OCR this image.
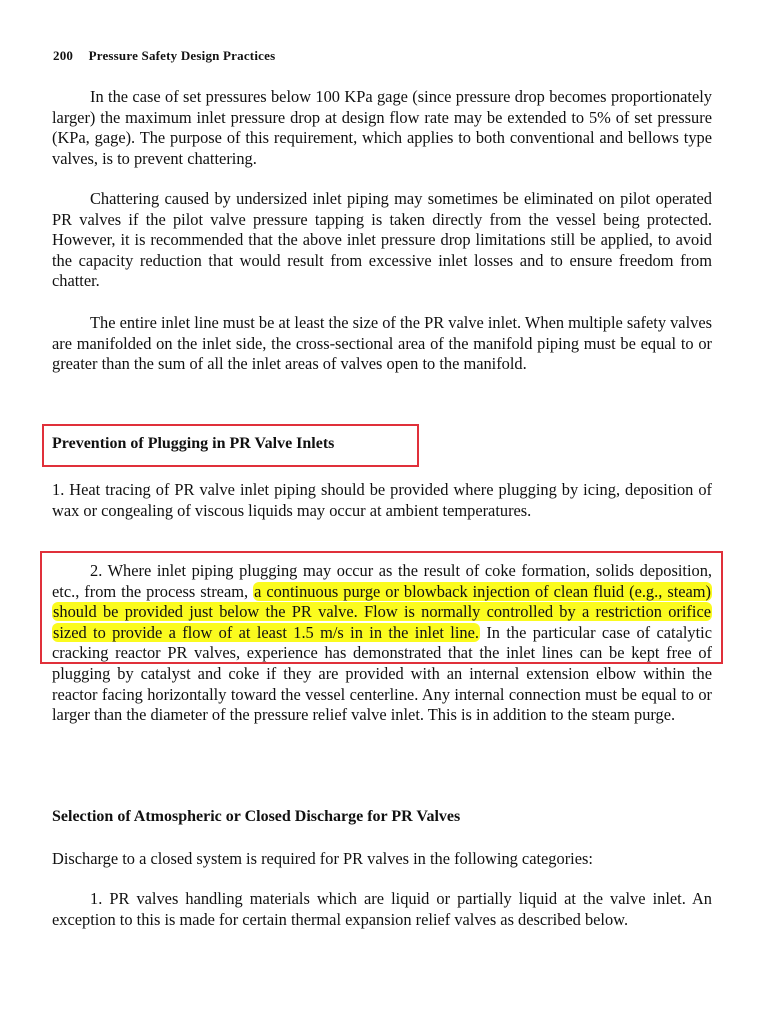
200 Pressure Safety Design Practices

In the case of set pressures below 100 KPa gage (since pressure drop becomes proportionately larger) the maximum inlet pressure drop at design flow rate may be extended to 5% of set pressure (KPa, gage). The purpose of this requirement, which applies to both conventional and bellows type valves, is to prevent chattering.

Chattering caused by undersized inlet piping may sometimes be eliminated on pilot operated PR valves if the pilot valve pressure tapping is taken directly from the vessel being protected. However, it is recommended that the above inlet pressure drop limitations still be applied, to avoid the capacity reduction that would result from excessive inlet losses and to ensure freedom from chatter.

The entire inlet line must be at least the size of the PR valve inlet. When multiple safety valves are manifolded on the inlet side, the cross-sectional area of the manifold piping must be equal to or greater than the sum of all the inlet areas of valves open to the manifold.

Prevention of Plugging in PR Valve Inlets

1. Heat tracing of PR valve inlet piping should be provided where plugging by icing, deposition of wax or congealing of viscous liquids may occur at ambient temperatures.

2. Where inlet piping plugging may occur as the result of coke formation, solids deposition, etc., from the process stream, a continuous purge or blowback injection of clean fluid (e.g., steam) should be provided just below the PR valve. Flow is normally controlled by a restriction orifice sized to provide a flow of at least 1.5 m/s in in the inlet line. In the particular case of catalytic cracking reactor PR valves, experience has demonstrated that the inlet lines can be kept free of plugging by catalyst and coke if they are provided with an internal extension elbow within the reactor facing horizontally toward the vessel centerline. Any internal connection must be equal to or larger than the diameter of the pressure relief valve inlet. This is in addition to the steam purge.

Selection of Atmospheric or Closed Discharge for PR Valves

Discharge to a closed system is required for PR valves in the following categories:

1. PR valves handling materials which are liquid or partially liquid at the valve inlet. An exception to this is made for certain thermal expansion relief valves as described below.
